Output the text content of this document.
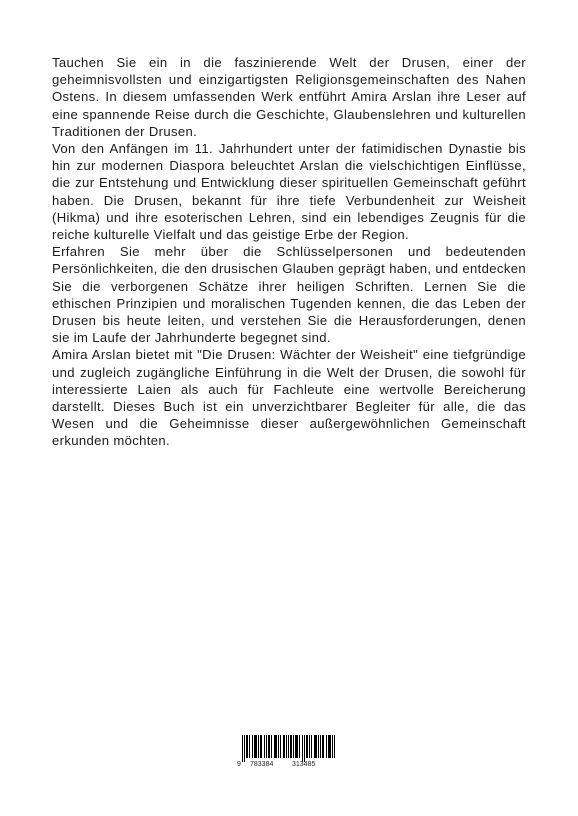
Tauchen Sie ein in die faszinierende Welt der Drusen, einer der geheimnisvollsten und einzigartigsten Religionsgemeinschaften des Nahen Ostens. In diesem umfassenden Werk entführt Amira Arslan ihre Leser auf eine spannende Reise durch die Geschichte, Glaubenslehren und kulturellen Traditionen der Drusen.

Von den Anfängen im 11. Jahrhundert unter der fatimidischen Dynastie bis hin zur modernen Diaspora beleuchtet Arslan die vielschichtigen Einflüsse, die zur Entstehung und Entwicklung dieser spirituellen Gemeinschaft geführt haben. Die Drusen, bekannt für ihre tiefe Verbundenheit zur Weisheit (Hikma) und ihre esoterischen Lehren, sind ein lebendiges Zeugnis für die reiche kulturelle Vielfalt und das geistige Erbe der Region.

Erfahren Sie mehr über die Schlüsselpersonen und bedeutenden Persönlichkeiten, die den drusischen Glauben geprägt haben, und entdecken Sie die verborgenen Schätze ihrer heiligen Schriften. Lernen Sie die ethischen Prinzipien und moralischen Tugenden kennen, die das Leben der Drusen bis heute leiten, und verstehen Sie die Herausforderungen, denen sie im Laufe der Jahrhunderte begegnet sind.

Amira Arslan bietet mit "Die Drusen: Wächter der Weisheit" eine tiefgründige und zugleich zugängliche Einführung in die Welt der Drusen, die sowohl für interessierte Laien als auch für Fachleute eine wertvolle Bereicherung darstellt. Dieses Buch ist ein unverzichtbarer Begleiter für alle, die das Wesen und die Geheimnisse dieser außergewöhnlichen Gemeinschaft erkunden möchten.

9 783384	313485
